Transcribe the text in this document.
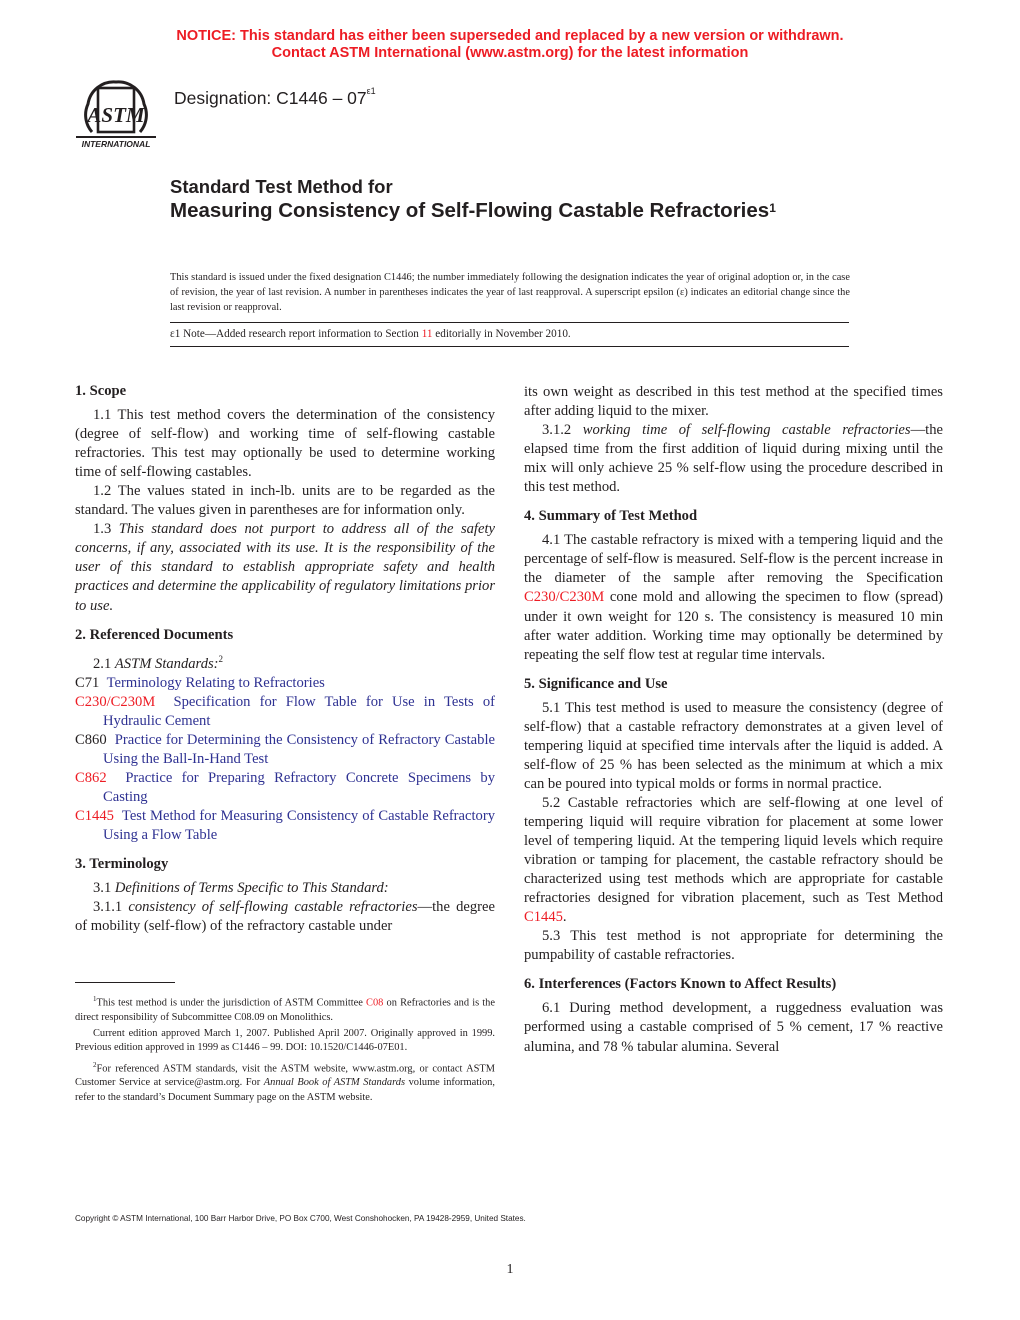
NOTICE: This standard has either been superseded and replaced by a new version or withdrawn.
Contact ASTM International (www.astm.org) for the latest information
ASTM
INTERNATIONAL
Designation: $C1446 - 07^{\varepsilon 1}$
Standard Test Method for
Measuring Consistency of Self-Flowing Castable Refractories$^1$
This standard is issued under the fixed designation C1446; the number immediately following the designation indicates the year of original adoption or, in the case of revision, the year of last revision. A number in parentheses indicates the year of last reapproval. A superscript epsilon (ε) indicates an editorial change since the last revision or reapproval.
ε1 Note—Added research report information to Section 11 editorially in November 2010.

1. Scope

1.1 This test method covers the determination of the consistency (degree of self-flow) and working time of self-flowing castable refractories. This test may optionally be used to determine working time of self-flowing castables.

1.2 The values stated in inch-lb. units are to be regarded as the standard. The values given in parentheses are for information only.

1.3 This standard does not purport to address all of the safety concerns, if any, associated with its use. It is the responsibility of the user of this standard to establish appropriate safety and health practices and determine the applicability of regulatory limitations prior to use.

2. Referenced Documents

2.1 ASTM Standards:$^2$

C71 Terminology Relating to Refractories

C230/C230M Specification for Flow Table for Use in Tests of Hydraulic Cement

C860 Practice for Determining the Consistency of Refractory Castable Using the Ball-In-Hand Test

C862 Practice for Preparing Refractory Concrete Specimens by Casting

C1445 Test Method for Measuring Consistency of Castable Refractory Using a Flow Table

3. Terminology

3.1 Definitions of Terms Specific to This Standard:

3.1.1 consistency of self-flowing castable refractories—the degree of mobility (self-flow) of the refractory castable under

its own weight as described in this test method at the specified times after adding liquid to the mixer.

3.1.2 working time of self-flowing castable refractories—the elapsed time from the first addition of liquid during mixing until the mix will only achieve 25 % self-flow using the procedure described in this test method.

4. Summary of Test Method

4.1 The castable refractory is mixed with a tempering liquid and the percentage of self-flow is measured. Self-flow is the percent increase in the diameter of the sample after removing the Specification C230/C230M cone mold and allowing the specimen to flow (spread) under it own weight for 120 s. The consistency is measured 10 min after water addition. Working time may optionally be determined by repeating the self flow test at regular time intervals.

5. Significance and Use

5.1 This test method is used to measure the consistency (degree of self-flow) that a castable refractory demonstrates at a given level of tempering liquid at specified time intervals after the liquid is added. A self-flow of 25 % has been selected as the minimum at which a mix can be poured into typical molds or forms in normal practice.

5.2 Castable refractories which are self-flowing at one level of tempering liquid will require vibration for placement at some lower level of tempering liquid. At the tempering liquid levels which require vibration or tamping for placement, the castable refractory should be characterized using test methods which are appropriate for castable refractories designed for vibration placement, such as Test Method C1445.

5.3 This test method is not appropriate for determining the pumpability of castable refractories.

6. Interferences (Factors Known to Affect Results)

6.1 During method development, a ruggedness evaluation was performed using a castable comprised of 5 % cement, 17 % reactive alumina, and 78 % tabular alumina. Several

$^1$This test method is under the jurisdiction of ASTM Committee C08 on Refractories and is the direct responsibility of Subcommittee C08.09 on Monolithics.

Current edition approved March 1, 2007. Published April 2007. Originally approved in 1999. Previous edition approved in 1999 as C1446 – 99. DOI: 10.1520/C1446-07E01.

$^2$For referenced ASTM standards, visit the ASTM website, www.astm.org, or contact ASTM Customer Service at service@astm.org. For Annual Book of ASTM Standards volume information, refer to the standard’s Document Summary page on the ASTM website.

Copyright © ASTM International, 100 Barr Harbor Drive, PO Box C700, West Conshohocken, PA 19428-2959, United States.
1
